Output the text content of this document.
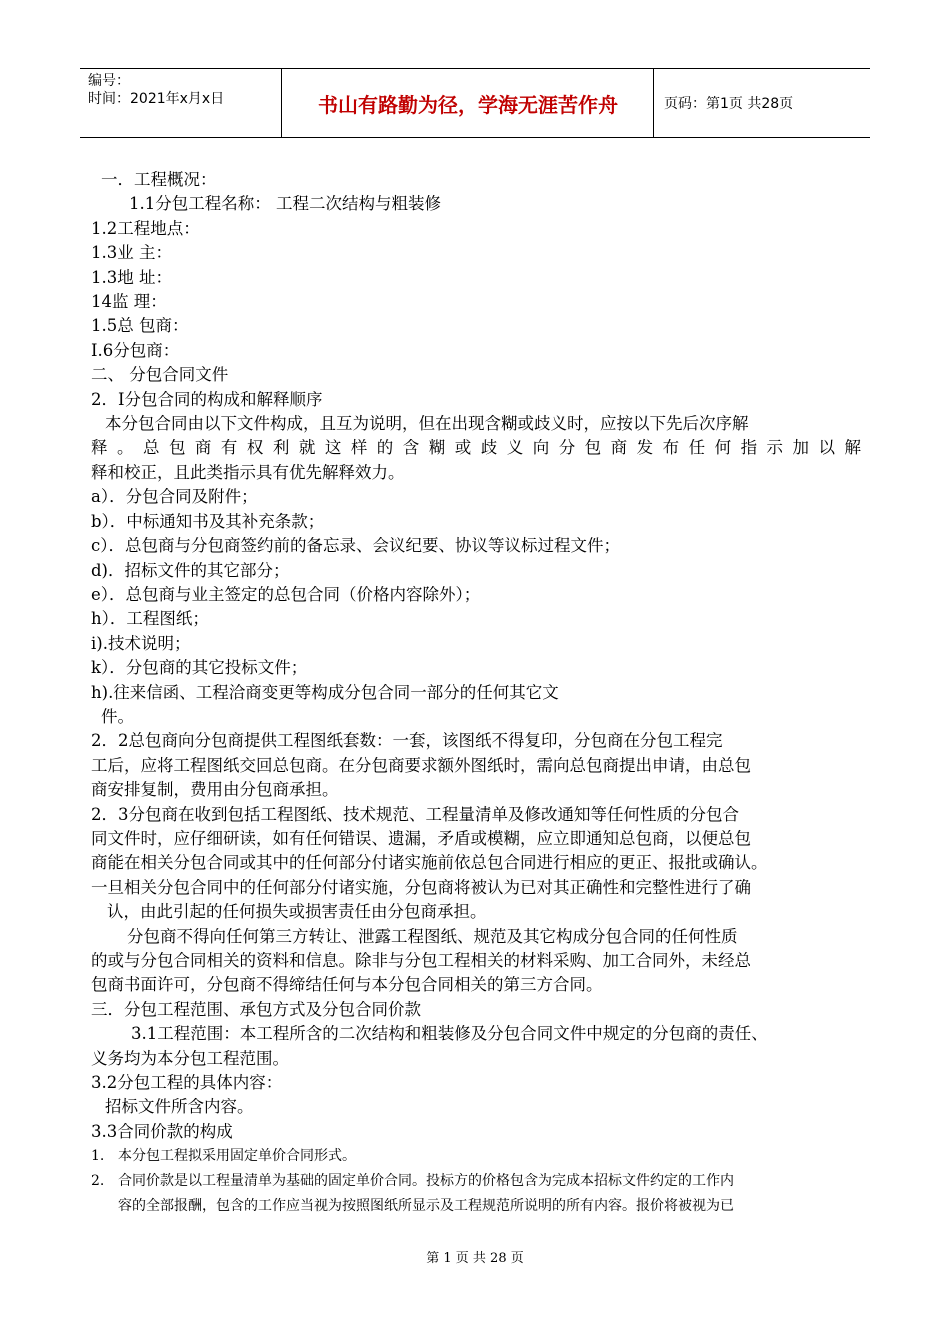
编号：
时间：2021年x月x日	书山有路勤为径，学海无涯苦作舟	页码：第1页 共28页
一．工程概况：
1.1分包工程名称： 工程二次结构与粗装修
1.2工程地点：
1.3业 主：
1.3地 址：
14监 理：
1.5总 包商：
I.6分包商：
二、 分包合同文件
2．I分包合同的构成和解释顺序
本分包合同由以下文件构成，且互为说明，但在出现含糊或歧义时，应按以下先后次序解
释。总包商有权利就这样的含糊或歧义向分包商发布任何指示加以解
释和校正，且此类指示具有优先解释效力。
a）．分包合同及附件；
b）．中标通知书及其补充条款；
c）．总包商与分包商签约前的备忘录、会议纪要、协议等议标过程文件；
d)．招标文件的其它部分；
e）．总包商与业主签定的总包合同（价格内容除外）；
h）．工程图纸；
i).技术说明；
k）．分包商的其它投标文件；
h).往来信函、工程洽商变更等构成分包合同一部分的任何其它文
件。
2．2总包商向分包商提供工程图纸套数：一套，该图纸不得复印，分包商在分包工程完
工后，应将工程图纸交回总包商。在分包商要求额外图纸时，需向总包商提出申请，由总包
商安排复制，费用由分包商承担。
2．3分包商在收到包括工程图纸、技术规范、工程量清单及修改通知等任何性质的分包合
同文件时，应仔细研读，如有任何错误、遗漏，矛盾或模糊，应立即通知总包商，以便总包
商能在相关分包合同或其中的任何部分付诸实施前依总包合同进行相应的更正、报批或确认。
一旦相关分包合同中的任何部分付诸实施，分包商将被认为已对其正确性和完整性进行了确
认，由此引起的任何损失或损害责任由分包商承担。
分包商不得向任何第三方转让、泄露工程图纸、规范及其它构成分包合同的任何性质
的或与分包合同相关的资料和信息。除非与分包工程相关的材料采购、加工合同外，未经总
包商书面许可，分包商不得缔结任何与本分包合同相关的第三方合同。
三．分包工程范围、承包方式及分包合同价款
3.1工程范围：本工程所含的二次结构和粗装修及分包合同文件中规定的分包商的责任、
义务均为本分包工程范围。
3.2分包工程的具体内容：
招标文件所含内容。
3.3合同价款的构成
1. 本分包工程拟采用固定单价合同形式。
2. 合同价款是以工程量清单为基础的固定单价合同。投标方的价格包含为完成本招标文件约定的工作内
容的全部报酬，包含的工作应当视为按照图纸所显示及工程规范所说明的所有内容。报价将被视为已
第 1 页 共 28 页
